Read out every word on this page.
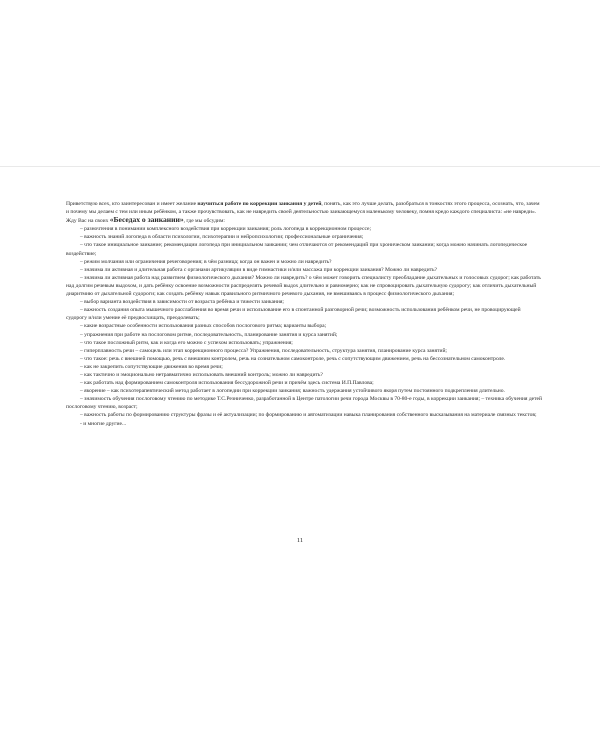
Приветствую всех, кто заинтересован и имеет желание научиться работе по коррекции заикания у детей, понять, как это лучше делать, разобраться в тонкостях этого процесса, осознать, что, зачем и почему мы делаем с тем или иным ребёнком, а также прочувствовать, как не навредить своей деятельностью заикающемуся маленькому человеку, помня кредо каждого специалиста: «не навреди». Жду Вас на своих «Беседах о заикании», где мы обсудим:

– разночтения в понимании комплексного воздействия при коррекции заикания; роль логопеда в коррекционном процессе;

– важность знаний логопеда в области психологии, психотерапии и нейропсихологии; профессиональные ограничения;

– что такое инициальное заикание; рекомендации логопеда при инициальном заикании; чем отличаются от рекомендаций при хроническом заикании; когда можно начинать логопедическое воздействие;

– режим молчания или ограничения речеговорения; в чём разница; когда он важен и можно ли навредить?

– значима ли активная и длительная работа с органами артикуляции в виде гимнастики и/или массажа при коррекции заикания? Можно ли навредить?

– значима ли активная работа над развитием физиологического дыхания? Можно ли навредить? о чём может говорить специалисту преобладание дыхательных и голосовых судорог; как работать над долгим речевым выдохом, и дать ребёнку освоение возможности распределять речевой выдох длительно и равномерно; как не спровоцировать дыхательную судорогу; как отличить дыхательный диаритмию от дыхательной судороги; как создать ребёнку навык правильного ритмичного речевого дыхания, не вмешиваясь в процесс физиологического дыхания;

– выбор варианта воздействия в зависимости от возраста ребёнка и тяжести заикания;

– важность создания опыта мышечного расслабления во время речи и использование его в спонтанной разговорной речи; возможность использования ребёнком речи, не провоцирующей судорогу и/или умение её предвосхищать, преодолевать;

– какие возрастные особенности использования разных способов послогового ритма; варианты выбора;

– упражнения при работе на послоговом ритме, последовательность, планирование занятия и курса занятий;

– что такое посложный ритм, как и когда его можно с успехом использовать; упражнения;

– гиперплавность речи – самоцель или этап коррекционного процесса? Упражнения, последовательность, структура занятия, планирование курса занятий;

– что такое: речь с внешней помощью, речь с внешним контролем, речь на сознательном самоконтроле, речь с сопутствующим движением, речь на бессознательном самоконтроле.

– как не закрепить сопутствующие движения во время речи;

– как тактично и эмоционально нетравматично использовать внешний контроль; можно ли навредить?

– как работать над формированием самоконтроля использования бессудорожной речи и причём здесь система И.П.Павлова;

– якорение – как психотерапевтический метод работает в логопедии при коррекции заикания; важность удержания устойчивого якоря путем постоянного подкрепления длительно.

– значимость обучения послоговому чтению по методике Т.С.Резниченко, разработанной в Центре патологии речи города Москвы в 70-80-е годы, в коррекции заикания; – техника обучения детей послоговому чтению, возраст;

– важность работы по формированию структуры фразы и её актуализации; по формированию и автоматизации навыка планирования собственного высказывания на материале связных текстов;

- и многие другие...

11
